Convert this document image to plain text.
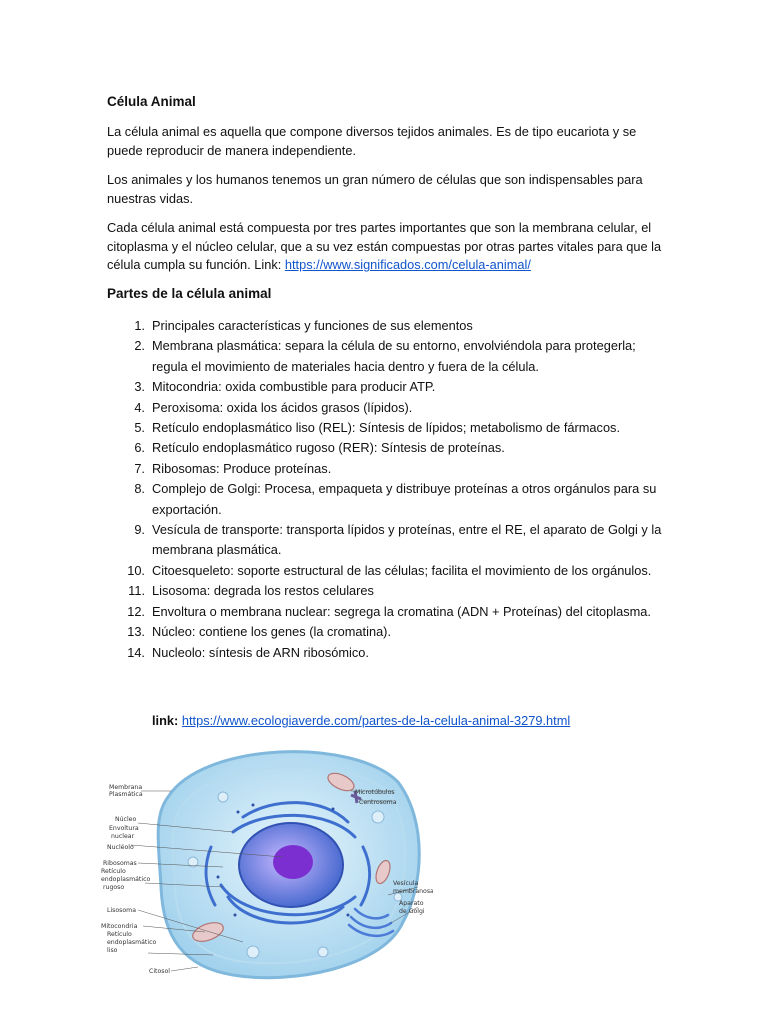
Célula Animal
La célula animal es aquella que compone diversos tejidos animales. Es de tipo eucariota y se puede reproducir de manera independiente.
Los animales y los humanos tenemos un gran número de células que son indispensables para nuestras vidas.
Cada célula animal está compuesta por tres partes importantes que son la membrana celular, el citoplasma y el núcleo celular, que a su vez están compuestas por otras partes vitales para que la célula cumpla su función. Link: https://www.significados.com/celula-animal/
Partes de la célula animal
1. Principales características y funciones de sus elementos
2. Membrana plasmática: separa la célula de su entorno, envolviéndola para protegerla; regula el movimiento de materiales hacia dentro y fuera de la célula.
3. Mitocondria: oxida combustible para producir ATP.
4. Peroxisoma: oxida los ácidos grasos (lípidos).
5. Retículo endoplasmático liso (REL): Síntesis de lípidos; metabolismo de fármacos.
6. Retículo endoplasmático rugoso (RER): Síntesis de proteínas.
7. Ribosomas: Produce proteínas.
8. Complejo de Golgi: Procesa, empaqueta y distribuye proteínas a otros orgánulos para su exportación.
9. Vesícula de transporte: transporta lípidos y proteínas, entre el RE, el aparato de Golgi y la membrana plasmática.
10. Citoesqueleto: soporte estructural de las células; facilita el movimiento de los orgánulos.
11. Lisosoma: degrada los restos celulares
12. Envoltura o membrana nuclear: segrega la cromatina (ADN + Proteínas) del citoplasma.
13. Núcleo: contiene los genes (la cromatina).
14. Nucleolo: síntesis de ARN ribosómico.
link: https://www.ecologiaverde.com/partes-de-la-celula-animal-3279.html
Membrana
Plasmática
Núcleo
Envoltura
nuclear
Nucléolo
Ribosomas
Retículo
endoplasmático
rugoso
Lisosoma
Mitocondria
Retículo
endoplasmático
liso
Citosol
Microtúbulos
Centrosoma
Vesícula
membranosa
Aparato
de Golgi
